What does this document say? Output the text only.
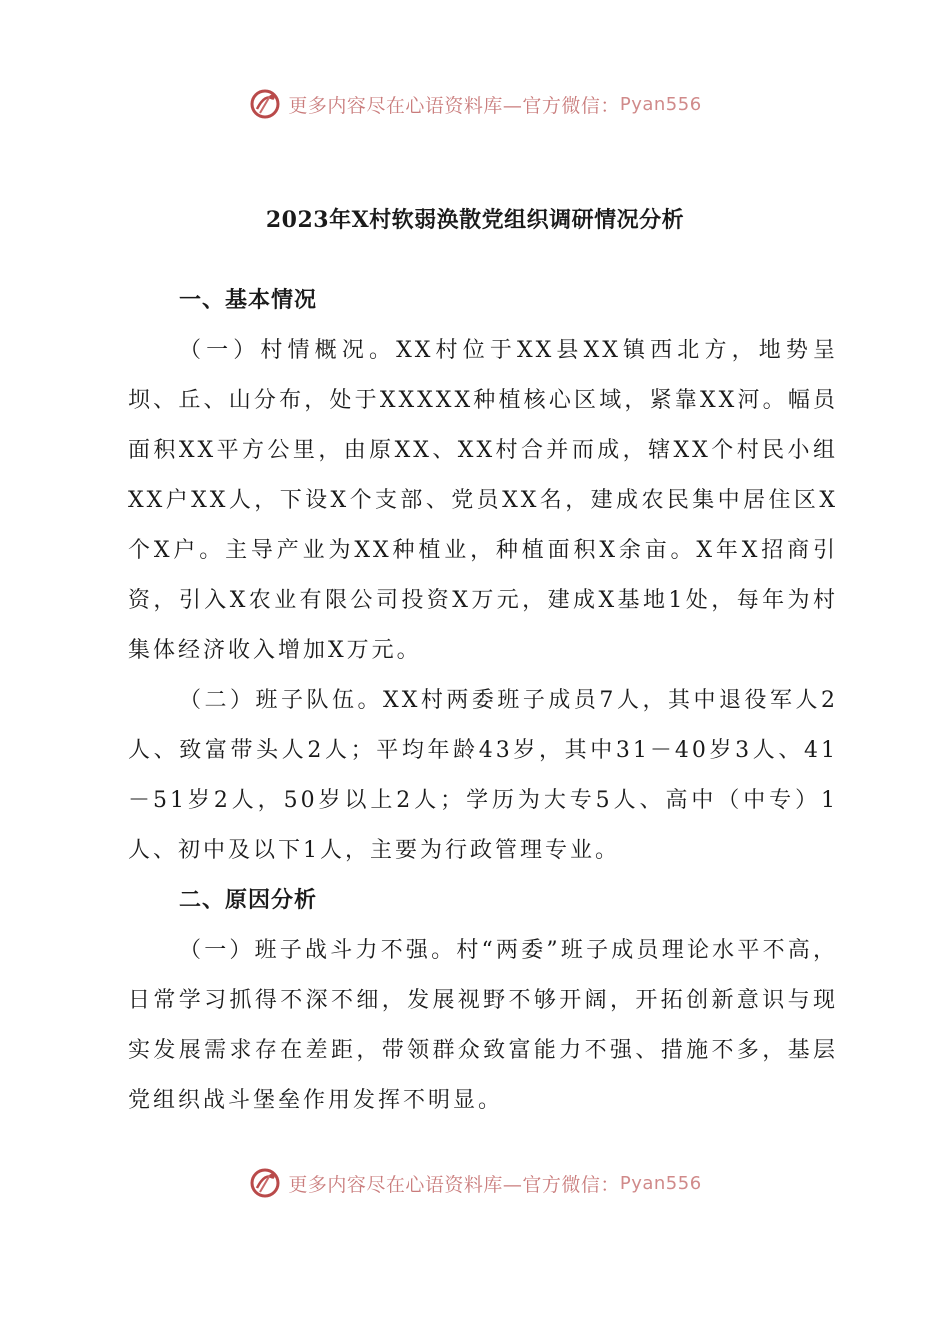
更多内容尽在心语资料库—官方微信： Pyan556
2023年X村软弱涣散党组织调研情况分析

一、基本情况

（一）村情概况。XX村位于XX县XX镇西北方，地势呈坝、丘、山分布，处于XXXXX种植核心区域，紧靠XX河。幅员面积XX平方公里，由原XX、XX村合并而成，辖XX个村民小组XX户XX人，下设X个支部、党员XX名，建成农民集中居住区X个X户。主导产业为XX种植业，种植面积X余亩。X年X招商引资，引入X农业有限公司投资X万元，建成X基地1处，每年为村集体经济收入增加X万元。

（二）班子队伍。XX村两委班子成员7人，其中退役军人2人、致富带头人2人；平均年龄43岁，其中31－40岁3人、41－51岁2人，50岁以上2人；学历为大专5人、高中（中专）1人、初中及以下1人，主要为行政管理专业。

二、原因分析

（一）班子战斗力不强。村“两委”班子成员理论水平不高，日常学习抓得不深不细，发展视野不够开阔，开拓创新意识与现实发展需求存在差距，带领群众致富能力不强、措施不多，基层党组织战斗堡垒作用发挥不明显。

更多内容尽在心语资料库—官方微信： Pyan556
